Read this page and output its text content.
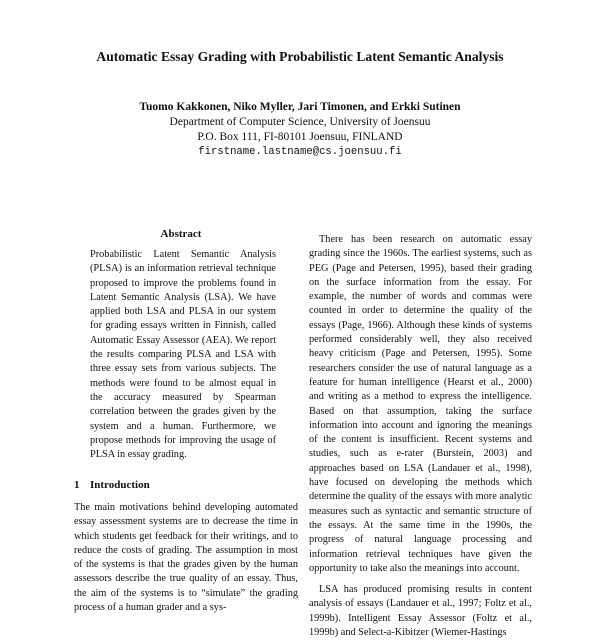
Automatic Essay Grading with Probabilistic Latent Semantic Analysis
Tuomo Kakkonen, Niko Myller, Jari Timonen, and Erkki Sutinen
Department of Computer Science, University of Joensuu
P.O. Box 111, FI-80101 Joensuu, FINLAND
firstname.lastname@cs.joensuu.fi
Abstract

Probabilistic Latent Semantic Analysis (PLSA) is an information retrieval technique proposed to improve the problems found in Latent Semantic Analysis (LSA). We have applied both LSA and PLSA in our system for grading essays written in Finnish, called Automatic Essay Assessor (AEA). We report the results comparing PLSA and LSA with three essay sets from various subjects. The methods were found to be almost equal in the accuracy measured by Spearman correlation between the grades given by the system and a human. Furthermore, we propose methods for improving the usage of PLSA in essay grading.

1 Introduction

The main motivations behind developing automated essay assessment systems are to decrease the time in which students get feedback for their writings, and to reduce the costs of grading. The assumption in most of the systems is that the grades given by the human assessors describe the true quality of an essay. Thus, the aim of the systems is to “simulate” the grading process of a human grader and a sys-

There has been research on automatic essay grading since the 1960s. The earliest systems, such as PEG (Page and Petersen, 1995), based their grading on the surface information from the essay. For example, the number of words and commas were counted in order to determine the quality of the essays (Page, 1966). Although these kinds of systems performed considerably well, they also received heavy criticism (Page and Petersen, 1995). Some researchers consider the use of natural language as a feature for human intelligence (Hearst et al., 2000) and writing as a method to express the intelligence. Based on that assumption, taking the surface information into account and ignoring the meanings of the content is insufficient. Recent systems and studies, such as e-rater (Burstein, 2003) and approaches based on LSA (Landauer et al., 1998), have focused on developing the methods which determine the quality of the essays with more analytic measures such as syntactic and semantic structure of the essays. At the same time in the 1990s, the progress of natural language processing and information retrieval techniques have given the opportunity to take also the meanings into account.

LSA has produced promising results in content analysis of essays (Landauer et al., 1997; Foltz et al., 1999b). Intelligent Essay Assessor (Foltz et al., 1999b) and Select-a-Kibitzer (Wiemer-Hastings
